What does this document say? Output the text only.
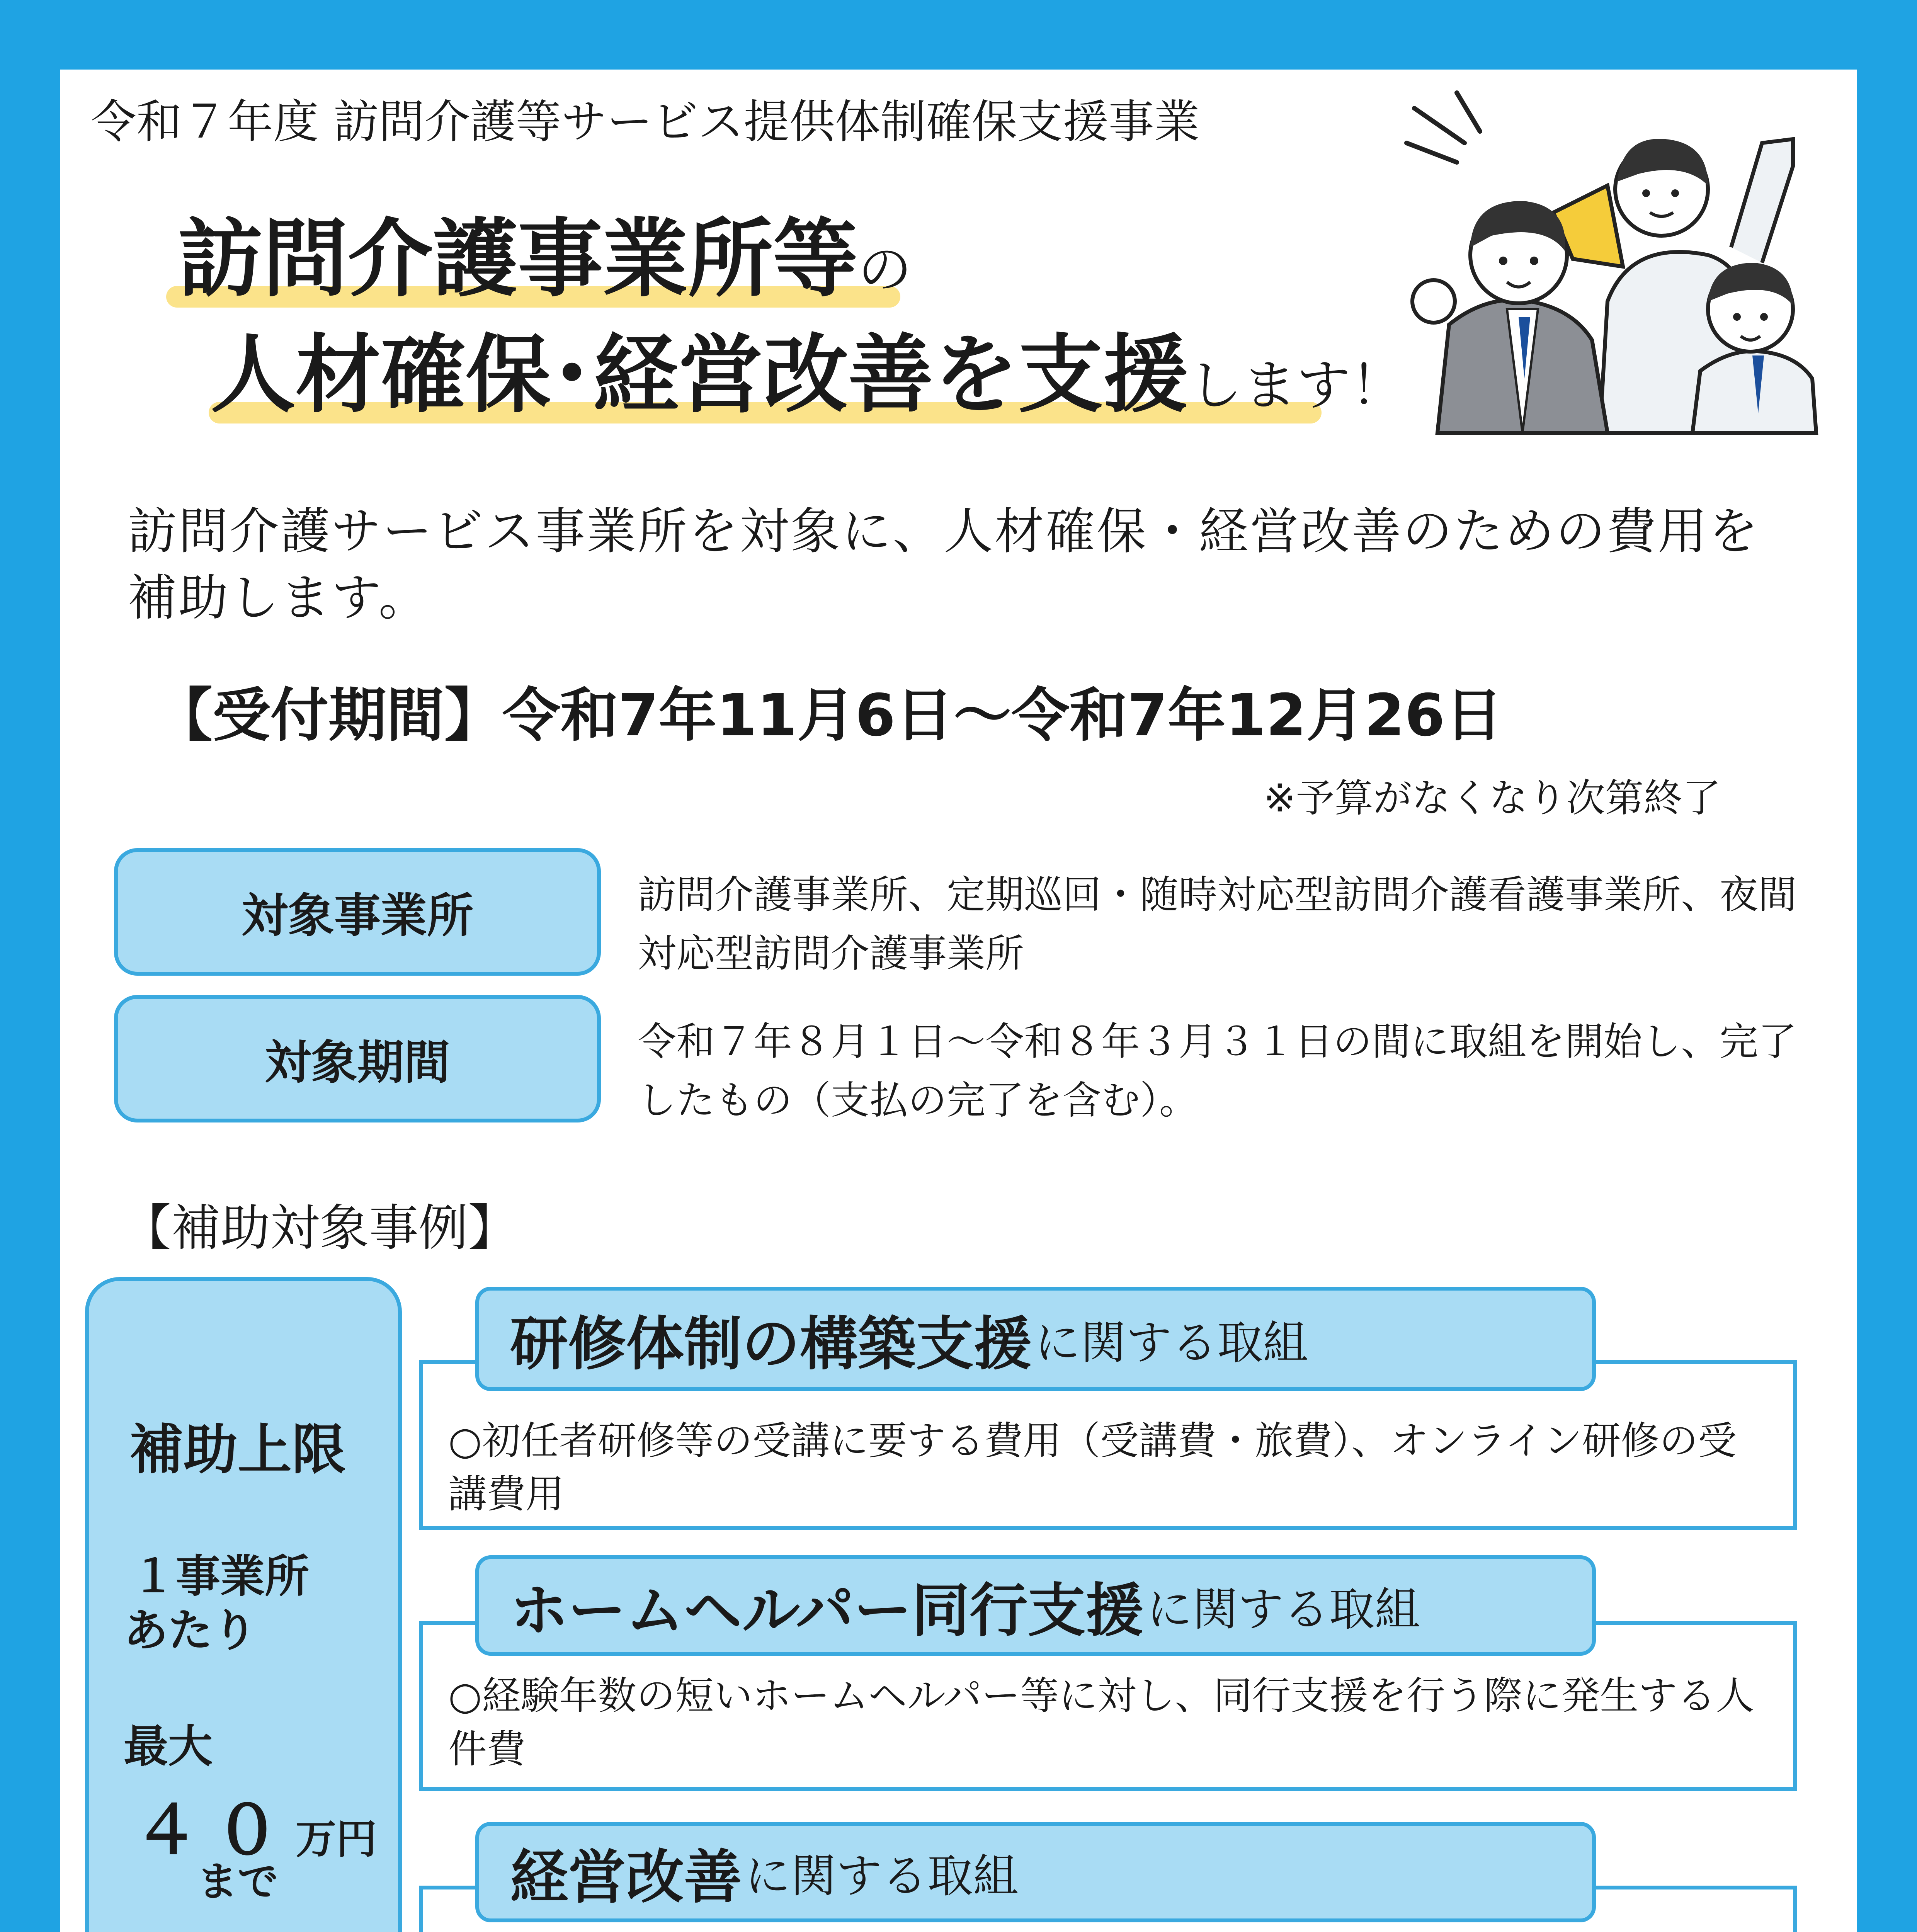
令和７年度 訪問介護等サービス提供体制確保支援事業
訪問介護事業所等の
人材確保･経営改善を支援します！
訪問介護サービス事業所を対象に、人材確保・経営改善のための費用を補助します。
【受付期間】令和7年11月6日～令和7年12月26日
※予算がなくなり次第終了
対象事業所	訪問介護事業所、定期巡回・随時対応型訪問介護看護事業所、夜間対応型訪問介護事業所
対象期間	令和７年８月１日～令和８年３月３１日の間に取組を開始し、完了したもの（支払の完了を含む）。
【補助対象事例】
補助上限
１事業所
あたり
最大
４０万円
まで
研修体制の構築支援 に関する取組
○初任者研修等の受講に要する費用（受講費・旅費）、オンライン研修の受講費用
ホームヘルパー同行支援 に関する取組
○経験年数の短いホームヘルパー等に対し、同行支援を行う際に発生する人件費
経営改善 に関する取組
